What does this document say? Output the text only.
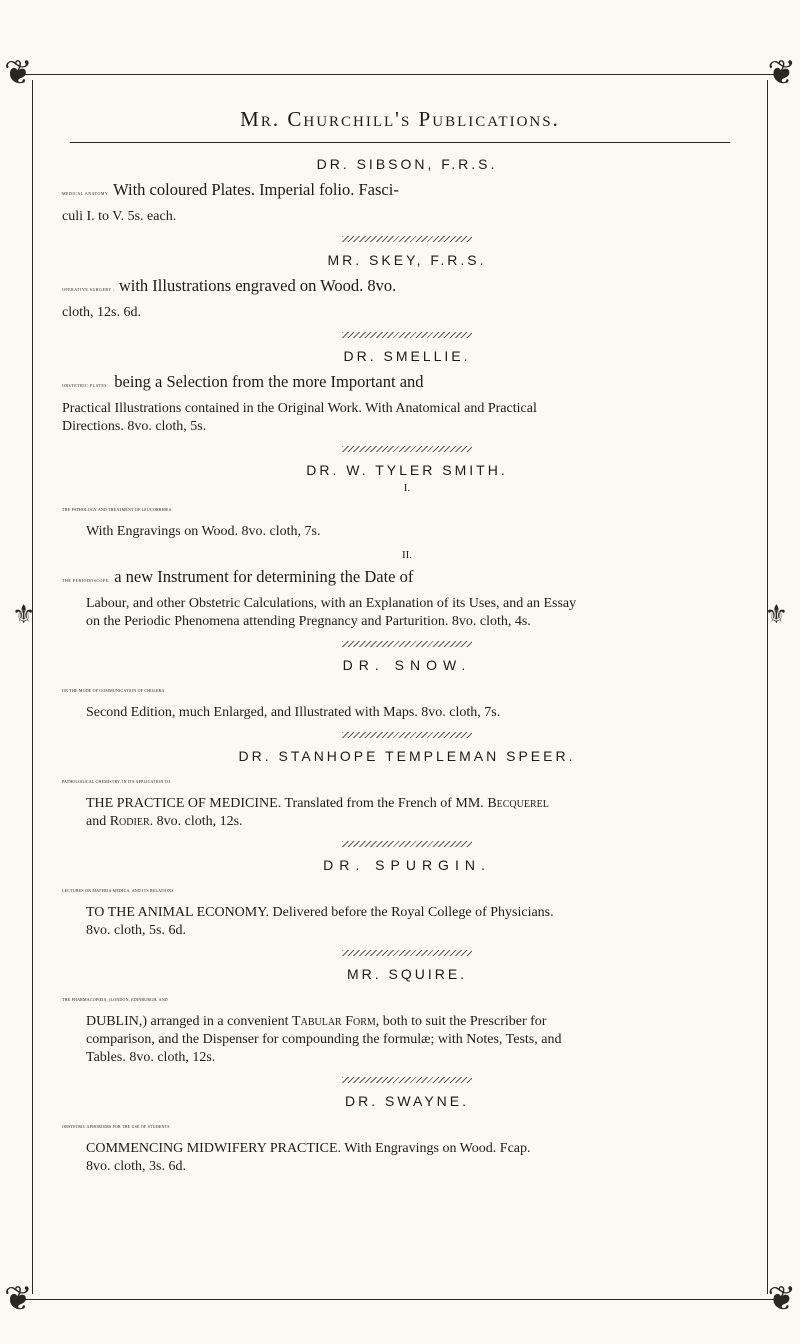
❦	❦
❦	❦
⚜	⚜
Mr. Churchill's Publications.
DR. SIBSON, F.R.S.
MEDICAL ANATOMY. With coloured Plates. Imperial folio. Fasci-
culi I. to V. 5s. each.
MR. SKEY, F.R.S.
OPERATIVE SURGERY ; with Illustrations engraved on Wood. 8vo.
cloth, 12s. 6d.
DR. SMELLIE.
OBSTETRIC PLATES : being a Selection from the more Important and
Practical Illustrations contained in the Original Work. With Anatomical and Practical
Directions. 8vo. cloth, 5s.
DR. W. TYLER SMITH.
I.
THE PATHOLOGY AND TREATMENT OF LEUCORRHŒA.
With Engravings on Wood. 8vo. cloth, 7s.
II.
THE PERIODOSCOPE, a new Instrument for determining the Date of
Labour, and other Obstetric Calculations, with an Explanation of its Uses, and an Essay
on the Periodic Phenomena attending Pregnancy and Parturition. 8vo. cloth, 4s.
DR. SNOW.
ON THE MODE OF COMMUNICATION OF CHOLERA.
Second Edition, much Enlarged, and Illustrated with Maps. 8vo. cloth, 7s.
DR. STANHOPE TEMPLEMAN SPEER.
PATHOLOGICAL CHEMISTRY, IN ITS APPLICATION TO
THE PRACTICE OF MEDICINE. Translated from the French of MM. Becquerel
and Rodier. 8vo. cloth, 12s.
DR. SPURGIN.
LECTURES ON MATERIA MEDICA, AND ITS RELATIONS
TO THE ANIMAL ECONOMY. Delivered before the Royal College of Physicians.
8vo. cloth, 5s. 6d.
MR. SQUIRE.
THE PHARMACOPŒIA, (LONDON, EDINBURGH, AND
DUBLIN,) arranged in a convenient Tabular Form, both to suit the Prescriber for
comparison, and the Dispenser for compounding the formulæ; with Notes, Tests, and
Tables. 8vo. cloth, 12s.
DR. SWAYNE.
OBSTETRIC APHORISMS FOR THE USE OF STUDENTS
COMMENCING MIDWIFERY PRACTICE. With Engravings on Wood. Fcap.
8vo. cloth, 3s. 6d.
